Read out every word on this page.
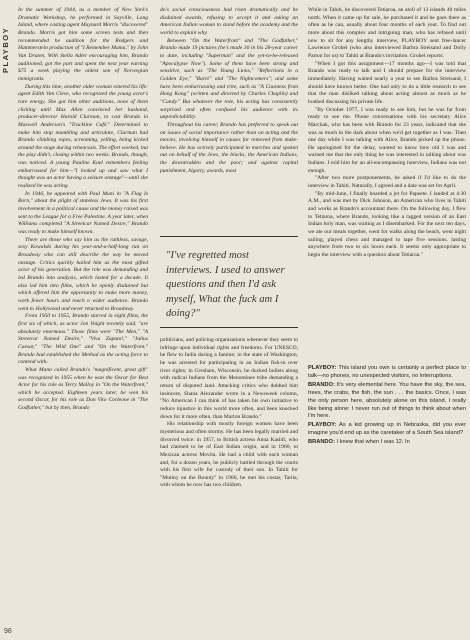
PLAYBOY

In the summer of 1944, as a member of New York's Dramatic Workshop, he performed in Sayville, Long Island, where casting agent Maynard Morris "discovered" Brando. Morris got him some screen tests and then recommended he audition for the Rodgers and Hammerstein production of "I Remember Mama," by John Van Druten. With Stella Adler encouraging him, Brando auditioned, got the part and spent the next year earning $75 a week playing the oldest son of Norwegian immigrants.

During this time, another older woman entered his life: agent Edith Van Cleve, who recognized the young actor's rare energy. She got him other auditions, none of them clicking until Max Allen convinced her husband, producer-director Harold Clurman, to cast Brando in Maxwell Anderson's "Truckline Café." Determined to make him stop mumbling and articulate, Clurman had Brando climbing ropes, screaming, yelling, being kicked around the stage during rehearsals. The effort worked, but the play didn't, closing within two weeks. Brando, though, was noticed. A young Pauline Kael remembers feeling embarrassed for him—"I looked up and saw what I thought was an actor having a seizure onstage"—until she realized he was acting.

In 1946, he appeared with Paul Muni in "A Flag Is Born," about the plight of stateless Jews. It was his first involvement in a political cause and the money raised was sent to the League for a Free Palestine. A year later, when Williams completed "A Streetcar Named Desire," Brando was ready to make himself known.

There are those who say him as the ruthless, savage, sexy Kowalski during his year-and-a-half-long run on Broadway who can still describe the way he moved onstage. Critics quickly hailed him as the most gifted actor of his generation. But the role was demanding and led Brando into analysis, which lasted for a decade. It also led him into films, which he openly disdained but which offered him the opportunity to make more money, work fewer hours and reach a wider audience. Brando went to Hollywood and never returned to Broadway.

From 1950 to 1955, Brando starred in eight films, the first six of which, as actor Jon Voight recently said, "are absolutely enormous." Those films were "The Men," "A Streetcar Named Desire," "Viva Zapata!," "Julius Caesar," "The Wild One" and "On the Waterfront." Brando had established the Method as the acting force to contend with.

What Mann called Brando's "magnificent, great gift" was recognized in 1955 when he won the Oscar for Best Actor for his role as Terry Malloy in "On the Waterfront," which he accepted. Eighteen years later, he won his second Oscar, for his role as Don Vito Corleone in "The Godfather," but by then, Brando

do's social consciousness had risen dramatically and he disdained awards, refusing to accept it and asking an American Indian woman to stand before the academy and the world to explain why.

Between "On the Waterfront" and "The Godfather," Brando made 19 pictures (he's made 30 in his 28-year career to date, including "Superman" and the yet-to-be-released "Apocalypse Now"). Some of them have been strong and sensitive, such as "The Young Lions," "Reflections in a Golden Eye," "Burn!" and "The Nightcomers"; and some have been embarrassing and trite, such as "A Countess from Hong Kong" (written and directed by Charles Chaplin) and "Candy." But whatever the role, his acting has consistently surprised and often confused his audience with its unpredictability.

Throughout his career, Brando has preferred to speak out on issues of social importance rather than on acting and the movies, involving himself in causes far removed from make-believe. He has actively participated in marches and spoken out on behalf of the Jews, the blacks, the American Indians, the downtrodden and the poor; and against capital punishment, bigotry, awards, most

"I've regretted most interviews. I used to answer questions and then I'd ask myself, What the fuck am I doing?"

politicians, and policing organizations whenever they seem to infringe upon individual rights and freedoms. For UNESCO, he flew to India during a famine; in the state of Washington, he was arrested for participating in an Indian fish-in over river rights; in Gresham, Wisconsin, he ducked bullets along with radical Indians from the Menominee tribe demanding a return of disputed land. Attacking critics who dubbed him insincere, Shana Alexander wrote in a Newsweek column, "No American I can think of has taken his own initiative to reduce injustice in this world more often, and been knocked down for it more often, than Marlon Brando."

His relationship with mostly foreign women have been mysterious and often stormy. He has been legally married and divorced twice: in 1957, to British actress Anna Kashfi, who had claimed to be of East Indian origin, and in 1960, to Mexican actress Movita. He had a child with each woman and, for a dozen years, he publicly battled through the courts with his first wife for custody of their son. In Tahiti for "Mutiny on the Bounty" in 1960, he met his costar, Tarita, with whom he now has two children.

While in Tahiti, he discovered Tetiaroa, an atoll of 13 islands 40 miles north. When it came up for sale, he purchased it and he goes there as often as he can, usually about four months of each year. To find out more about this complex and intriguing man, who has refused until now to sit for any lengthy interview, PLAYBOY sent free-lancer Lawrence Grobel (who also interviewed Barbra Streisand and Dolly Parton for us) to Tahiti at Brando's invitation. Grobel reports:

"When I got this assignment—17 months ago—I was told that Brando was ready to talk and I should prepare for the interview immediately. Having waited nearly a year to see Barbra Streisand, I should have known better. One had only to do a little research to see that the man disliked talking about acting almost as much as he loathed discussing his private life.

"By October 1977, I was ready to see him, but he was far from ready to see me. Phone conversations with his secretary Alice Marchak, who has been with Brando for 23 years, indicated that she was as much in the dark about when we'd get together as I was. Then one day while I was talking with Alice, Brando picked up the phone. He apologized for the delay, wanted to know how old I was and warned me that the only thing he was interested in talking about was Indians. I told him for an all-encompassing interview, Indians was not enough.

"After two more postponements, he asked if I'd like to do the interview in Tahiti. Naturally, I agreed and a date was set for April.

"By mid-June, I finally boarded a jet for Papeete. I landed at 4:30 A.M., and was met by Dick Johnson, an American who lives in Tahiti and works as Brando's accountant there. On the following day, I flew to Tetiaroa, where Brando, looking like a ragged version of an East Indian holy man, was waiting as I disembarked. For the next ten days, we ate our meals together, went for walks along the beach, went night sailing, played chess and managed to tape five sessions, lasting anywhere from two to six hours each. It seems only appropriate to begin the interview with a question about Tetiaroa."

PLAYBOY: This island you own is certainly a perfect place to talk—no phones, no unexpected visitors, no interruptions.

BRANDO: It's very elemental here. You have the sky, the sea, trees, the crabs, the fish, the sun . . . the basics. Once, I was the only person here, absolutely alone on this island. I really like being alone: I never run out of things to think about when I'm here.

PLAYBOY: As a kid growing up in Nebraska, did you ever imagine you'd end up as the caretaker of a South Sea island?

BRANDO: I knew that when I was 12. In

98
